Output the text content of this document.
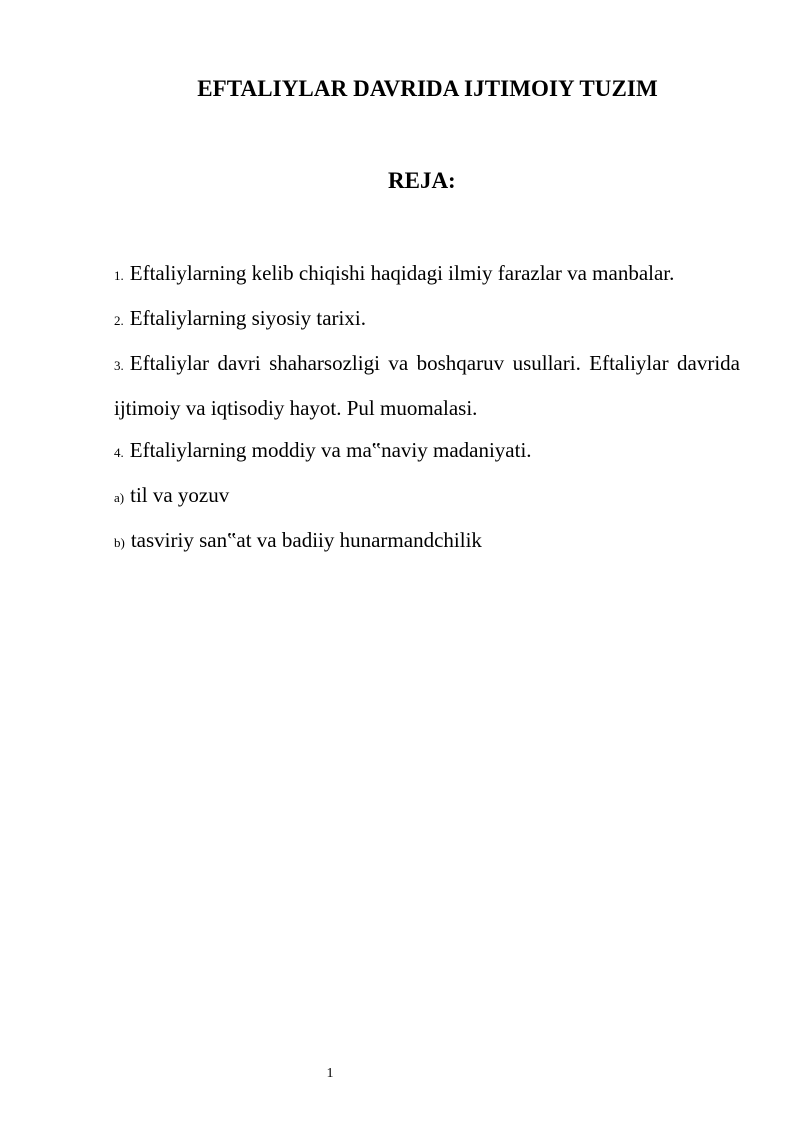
EFTALIYLAR DAVRIDA IJTIMOIY TUZIM
REJA:
1. Eftaliylarning kelib chiqishi haqidagi ilmiy farazlar va manbalar.
2. Eftaliylarning siyosiy tarixi.
3. Eftaliylar davri shaharsozligi va boshqaruv usullari. Eftaliylar davrida ijtimoiy va iqtisodiy hayot. Pul muomalasi.
4. Eftaliylarning moddiy va ma‟naviy madaniyati.
a) til va yozuv
b) tasviriy san‟at va badiiy hunarmandchilik
1
